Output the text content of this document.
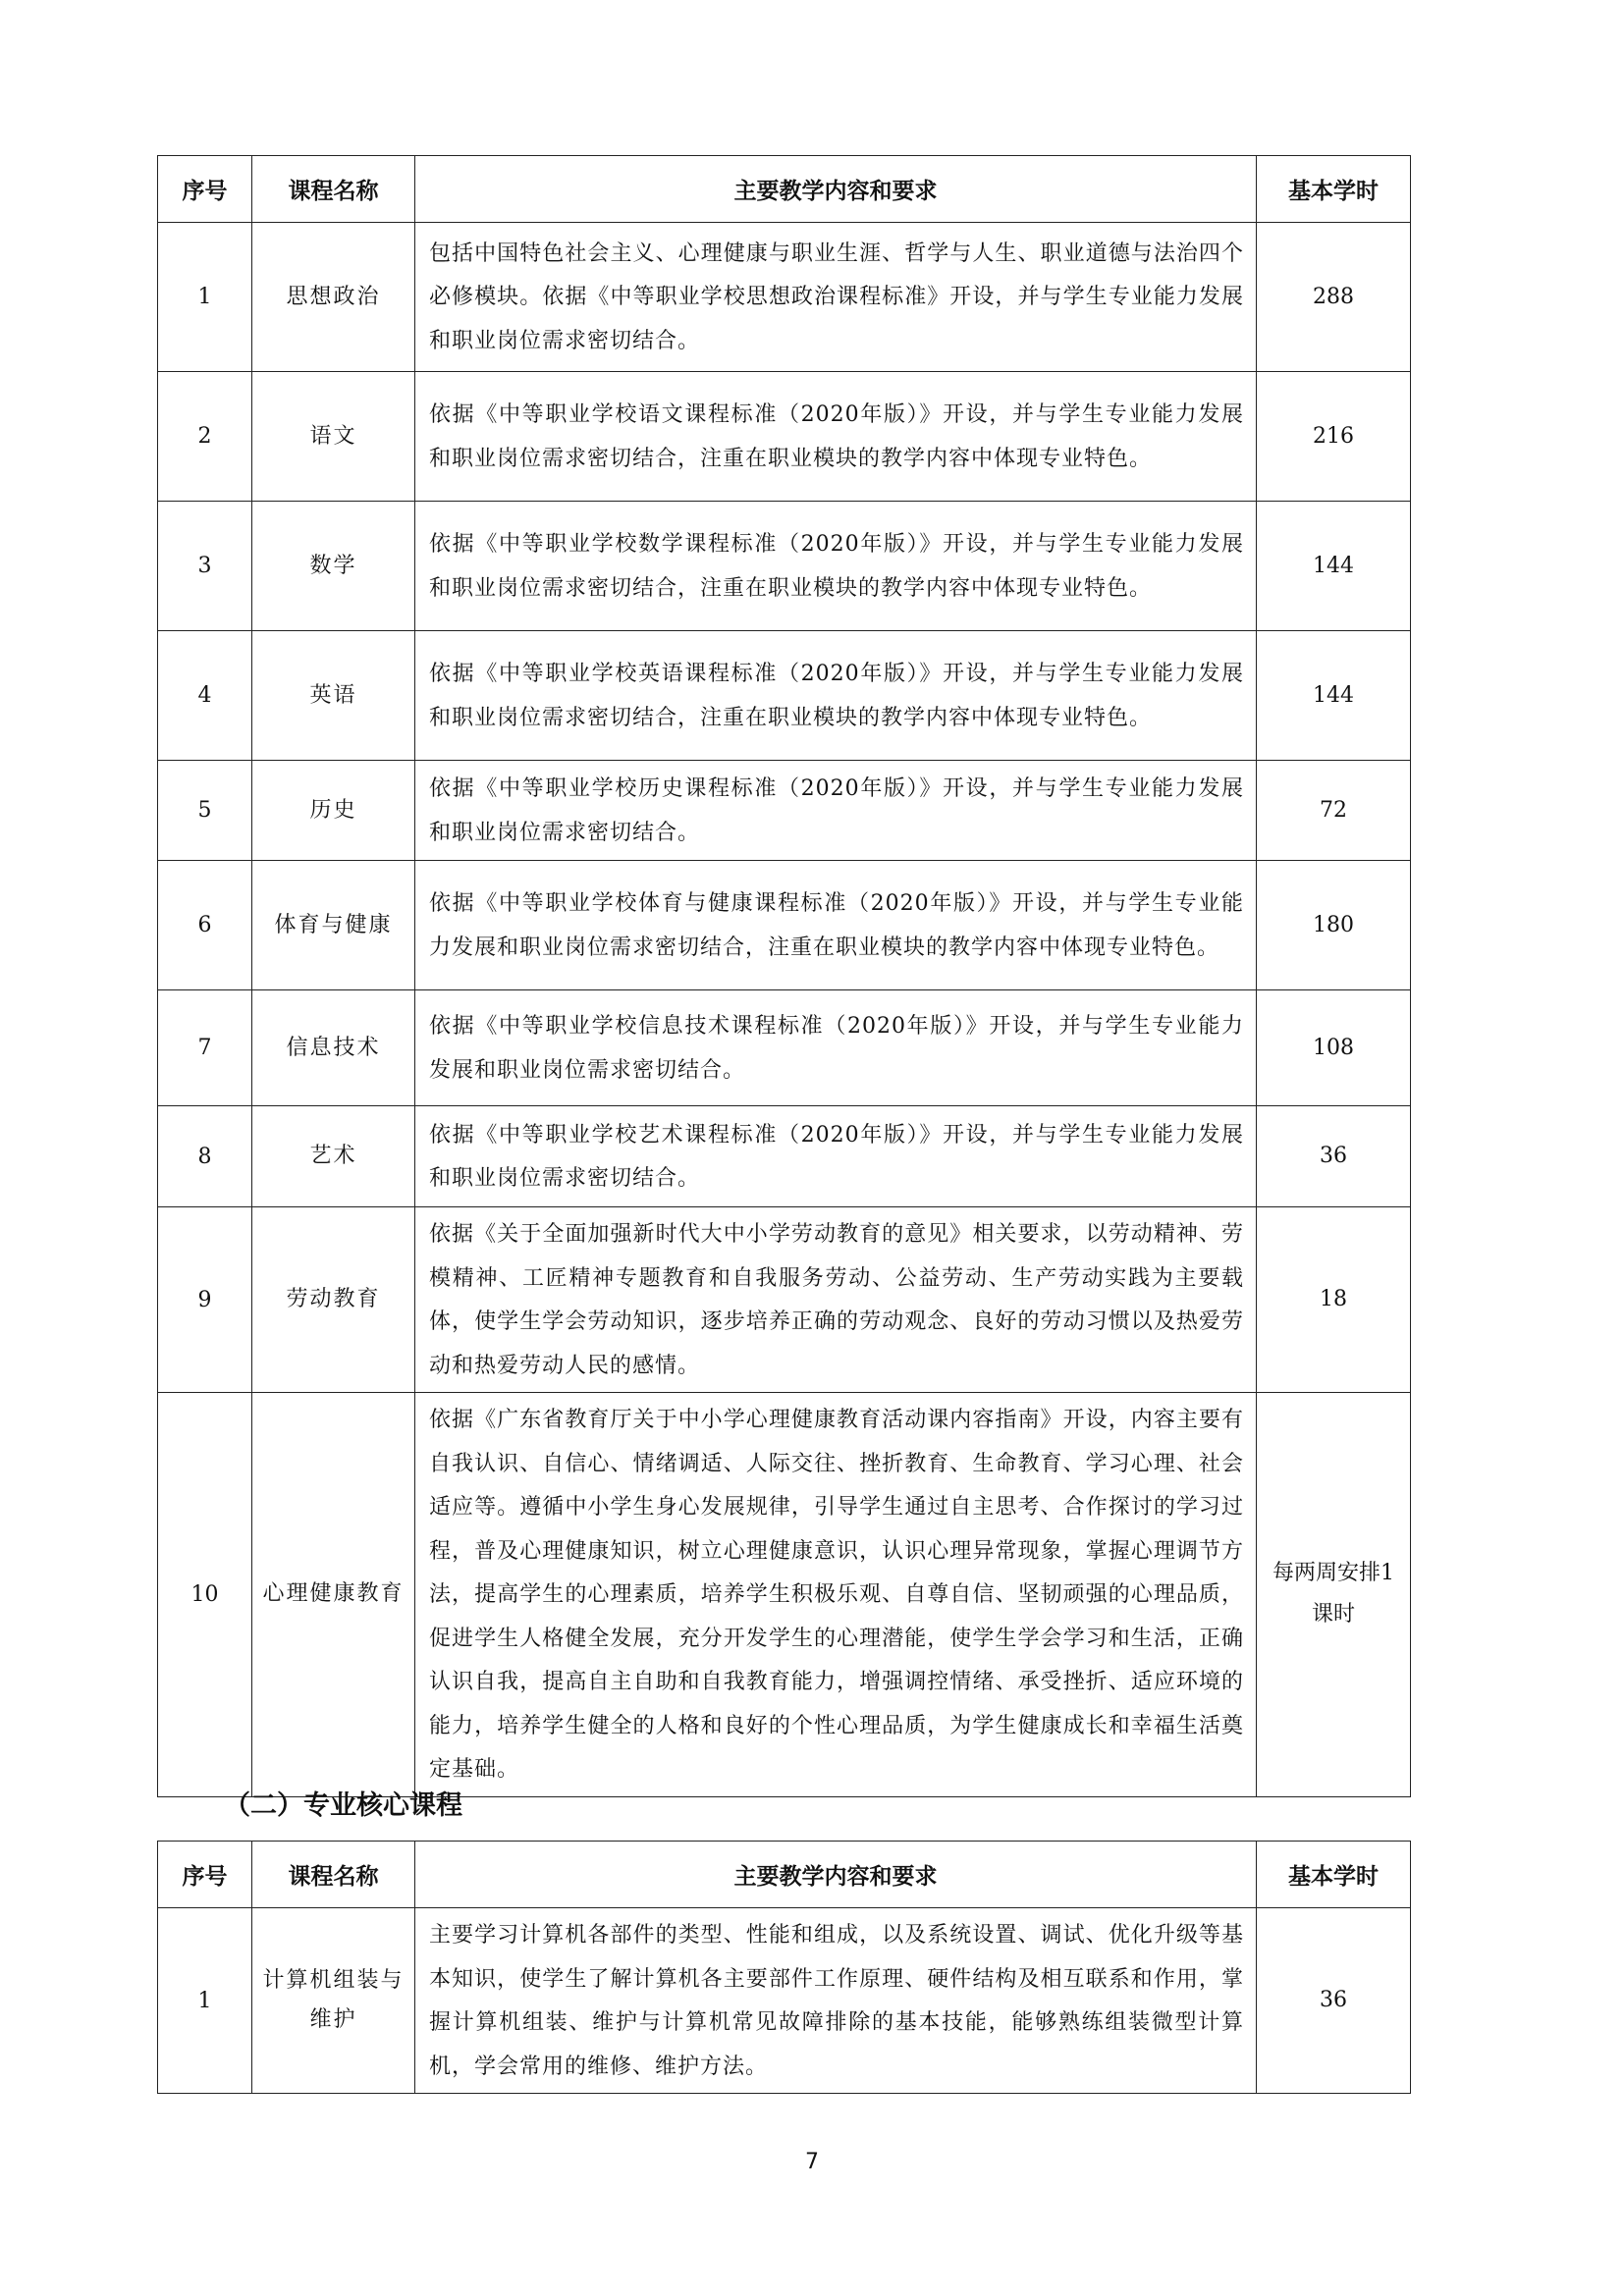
序号	课程名称	主要教学内容和要求	基本学时
1	思想政治	包括中国特色社会主义、心理健康与职业生涯、哲学与人生、职业道德与法治四个必修模块。依据《中等职业学校思想政治课程标准》开设，并与学生专业能力发展和职业岗位需求密切结合。	288
2	语文	依据《中等职业学校语文课程标准（2020年版）》开设，并与学生专业能力发展和职业岗位需求密切结合，注重在职业模块的教学内容中体现专业特色。	216
3	数学	依据《中等职业学校数学课程标准（2020年版）》开设，并与学生专业能力发展和职业岗位需求密切结合，注重在职业模块的教学内容中体现专业特色。	144
4	英语	依据《中等职业学校英语课程标准（2020年版）》开设，并与学生专业能力发展和职业岗位需求密切结合，注重在职业模块的教学内容中体现专业特色。	144
5	历史	依据《中等职业学校历史课程标准（2020年版）》开设，并与学生专业能力发展和职业岗位需求密切结合。	72
6	体育与健康	依据《中等职业学校体育与健康课程标准（2020年版）》开设，并与学生专业能力发展和职业岗位需求密切结合，注重在职业模块的教学内容中体现专业特色。	180
7	信息技术	依据《中等职业学校信息技术课程标准（2020年版）》开设，并与学生专业能力发展和职业岗位需求密切结合。	108
8	艺术	依据《中等职业学校艺术课程标准（2020年版）》开设，并与学生专业能力发展和职业岗位需求密切结合。	36
9	劳动教育	依据《关于全面加强新时代大中小学劳动教育的意见》相关要求，以劳动精神、劳模精神、工匠精神专题教育和自我服务劳动、公益劳动、生产劳动实践为主要载体，使学生学会劳动知识，逐步培养正确的劳动观念、良好的劳动习惯以及热爱劳动和热爱劳动人民的感情。	18
10	心理健康教育	依据《广东省教育厅关于中小学心理健康教育活动课内容指南》开设，内容主要有自我认识、自信心、情绪调适、人际交往、挫折教育、生命教育、学习心理、社会适应等。遵循中小学生身心发展规律，引导学生通过自主思考、合作探讨的学习过程，普及心理健康知识，树立心理健康意识，认识心理异常现象，掌握心理调节方法，提高学生的心理素质，培养学生积极乐观、自尊自信、坚韧顽强的心理品质，促进学生人格健全发展，充分开发学生的心理潜能，使学生学会学习和生活，正确认识自我，提高自主自助和自我教育能力，增强调控情绪、承受挫折、适应环境的能力，培养学生健全的人格和良好的个性心理品质，为学生健康成长和幸福生活奠定基础。	每两周安排1课时
（二）专业核心课程
序号	课程名称	主要教学内容和要求	基本学时
1	计算机组装与维护	主要学习计算机各部件的类型、性能和组成，以及系统设置、调试、优化升级等基本知识，使学生了解计算机各主要部件工作原理、硬件结构及相互联系和作用，掌握计算机组装、维护与计算机常见故障排除的基本技能，能够熟练组装微型计算机，学会常用的维修、维护方法。	36
7
